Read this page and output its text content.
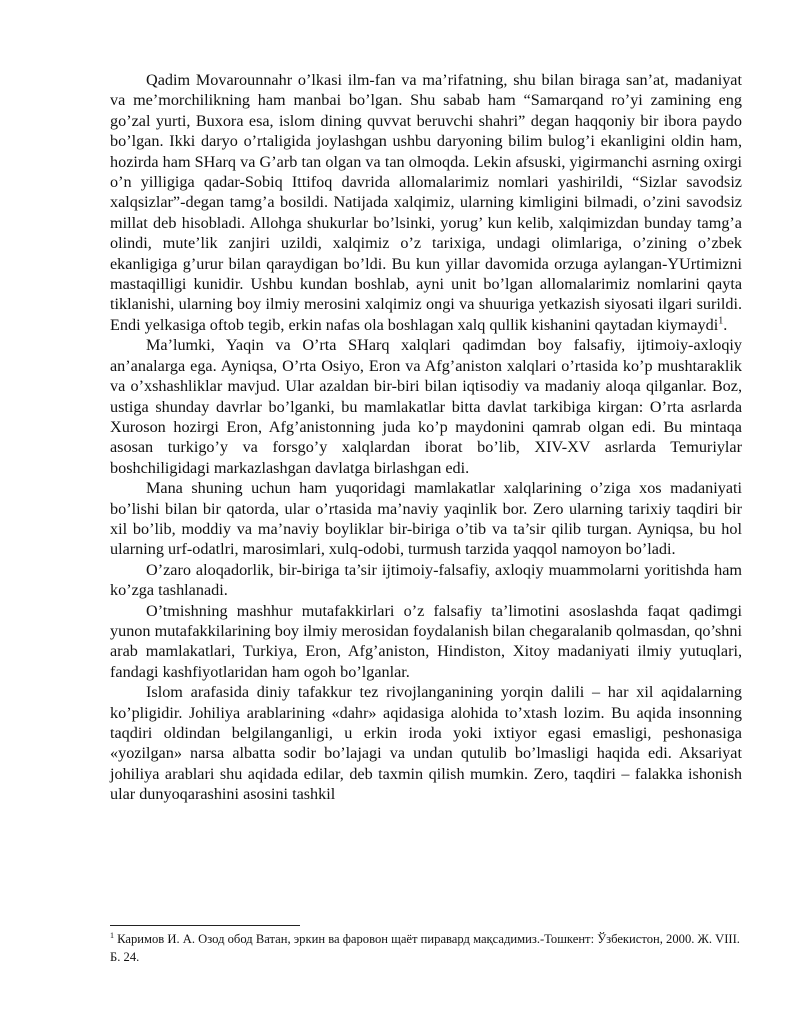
Qadim Movarounnahr o’lkasi ilm-fan va ma’rifatning, shu bilan biraga san’at, madaniyat va me’morchilikning ham manbai bo’lgan. Shu sabab ham “Samarqand ro’yi zamining eng go’zal yurti, Buxora esa, islom dining quvvat beruvchi shahri” degan haqqoniy bir ibora paydo bo’lgan. Ikki daryo o’rtaligida joylashgan ushbu daryoning bilim bulog’i ekanligini oldin ham, hozirda ham SHarq va G’arb tan olgan va tan olmoqda. Lekin afsuski, yigirmanchi asrning oxirgi o’n yilligiga qadar-Sobiq Ittifoq davrida allomalarimiz nomlari yashirildi, “Sizlar savodsiz xalqsizlar”-degan tamg’a bosildi. Natijada xalqimiz, ularning kimligini bilmadi, o’zini savodsiz millat deb hisobladi. Allohga shukurlar bo’lsinki, yorug’ kun kelib, xalqimizdan bunday tamg’a olindi, mute’lik zanjiri uzildi, xalqimiz o’z tarixiga, undagi olimlariga, o’zining o’zbek ekanligiga g’urur bilan qaraydigan bo’ldi. Bu kun yillar davomida orzuga aylangan-YUrtimizni mastaqilligi kunidir. Ushbu kundan boshlab, ayni unit bo’lgan allomalarimiz nomlarini qayta tiklanishi, ularning boy ilmiy merosini xalqimiz ongi va shuuriga yetkazish siyosati ilgari surildi. Endi yelkasiga oftob tegib, erkin nafas ola boshlagan xalq qullik kishanini qaytadan kiymaydi$^1$.

Ma’lumki, Yaqin va O’rta SHarq xalqlari qadimdan boy falsafiy, ijtimoiy-axloqiy an’analarga ega. Ayniqsa, O’rta Osiyo, Eron va Afg’aniston xalqlari o’rtasida ko’p mushtaraklik va o’xshashliklar mavjud. Ular azaldan bir-biri bilan iqtisodiy va madaniy aloqa qilganlar. Boz, ustiga shunday davrlar bo’lganki, bu mamlakatlar bitta davlat tarkibiga kirgan: O’rta asrlarda Xuroson hozirgi Eron, Afg’anistonning juda ko’p maydonini qamrab olgan edi. Bu mintaqa asosan turkigo’y va forsgo’y xalqlardan iborat bo’lib, XIV-XV asrlarda Temuriylar boshchiligidagi markazlashgan davlatga birlashgan edi.

Mana shuning uchun ham yuqoridagi mamlakatlar xalqlarining o’ziga xos madaniyati bo’lishi bilan bir qatorda, ular o’rtasida ma’naviy yaqinlik bor. Zero ularning tarixiy taqdiri bir xil bo’lib, moddiy va ma’naviy boyliklar bir-biriga o’tib va ta’sir qilib turgan. Ayniqsa, bu hol ularning urf-odatlri, marosimlari, xulq-odobi, turmush tarzida yaqqol namoyon bo’ladi.

O’zaro aloqadorlik, bir-biriga ta’sir ijtimoiy-falsafiy, axloqiy muammolarni yoritishda ham ko’zga tashlanadi.

O’tmishning mashhur mutafakkirlari o’z falsafiy ta’limotini asoslashda faqat qadimgi yunon mutafakkilarining boy ilmiy merosidan foydalanish bilan chegaralanib qolmasdan, qo’shni arab mamlakatlari, Turkiya, Eron, Afg’aniston, Hindiston, Xitoy madaniyati ilmiy yutuqlari, fandagi kashfiyotlaridan ham ogoh bo’lganlar.

Islom arafasida diniy tafakkur tez rivojlanganining yorqin dalili – har xil aqidalarning ko’pligidir. Johiliya arablarining «dahr» aqidasiga alohida to’xtash lozim. Bu aqida insonning taqdiri oldindan belgilanganligi, u erkin iroda yoki ixtiyor egasi emasligi, peshonasiga «yozilgan» narsa albatta sodir bo’lajagi va undan qutulib bo’lmasligi haqida edi. Aksariyat johiliya arablari shu aqidada edilar, deb taxmin qilish mumkin. Zero, taqdiri – falakka ishonish ular dunyoqarashini asosini tashkil

$^1$ Каримов И. А. Озод обод Ватан, эркин ва фаровон щаёт пиравард мақсадимиз.-Тошкент: Ўзбекистон, 2000. Ж. VIII. Б. 24.
